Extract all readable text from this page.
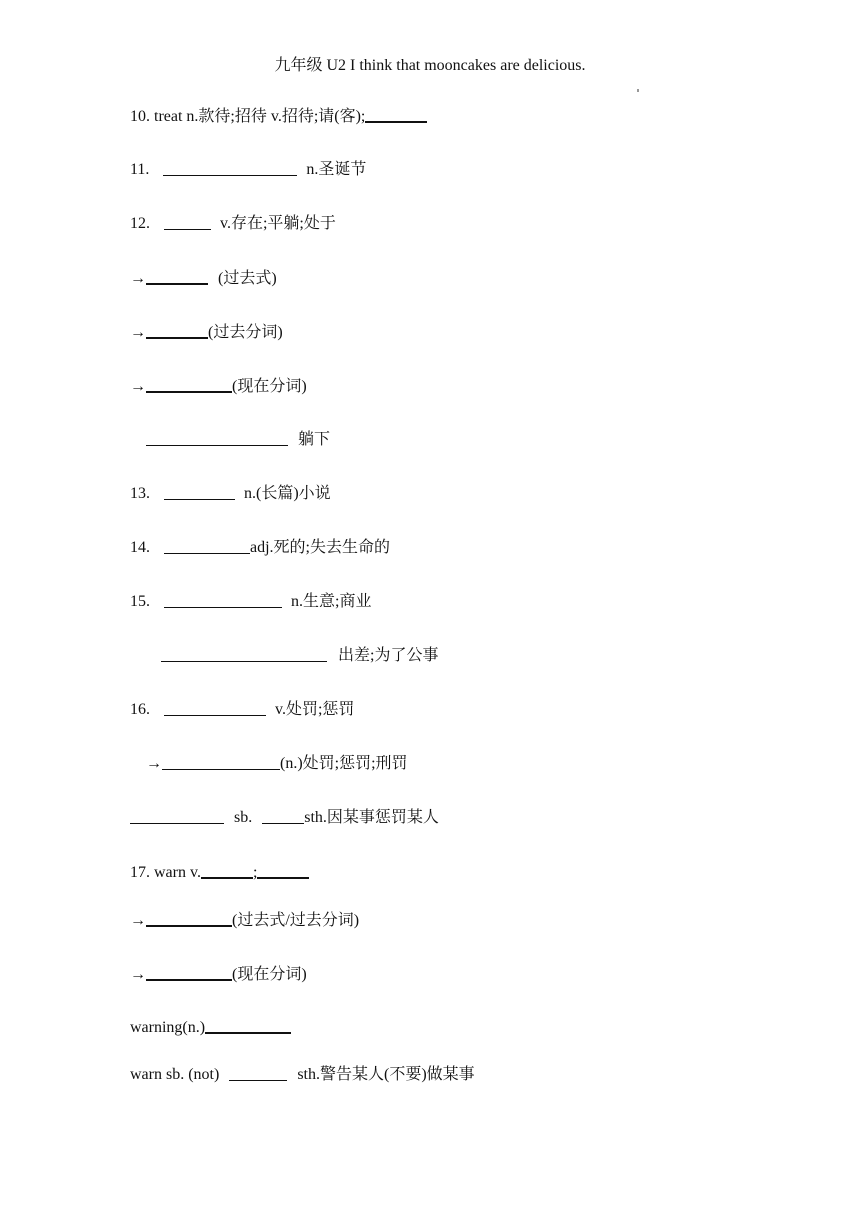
九年级 U2 I think that mooncakes are delicious.
10. treat n.款待;招待 v.招待;请(客);
11.	n.圣诞节
12.	v.存在;平躺;处于
→	(过去式)
→	(过去分词)
→	(现在分词)
躺下
13.	n.(长篇)小说
14.	adj.死的;失去生命的
15.	n.生意;商业
出差;为了公事
16.	v.处罚;惩罚
→	(n.)处罚;惩罚;刑罚
sb.	sth.因某事惩罚某人
17. warn v.	;
→	(过去式/过去分词)
→	(现在分词)
warning(n.)
warn sb. (not)	sth.警告某人(不要)做某事
